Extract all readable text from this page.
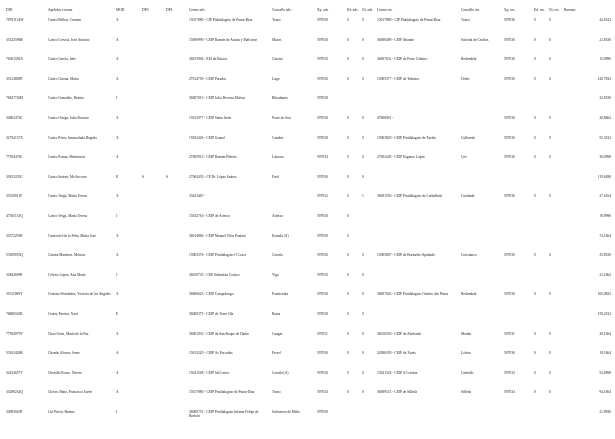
DNI	Apelidos e nome	MOD	DPC	DPL	Centro ads.	Concello ads.	Xp. ads.	Ed. ads.	Ni. ads.	Centro res.	Concello res.	Xp. res.	Ed. res.	Ni. res.	Baremo
78781134W	Castro Bellon, Carmen	A			15017880 - CIP Pintilalagoio de Punta-Diaz	Touro	597030	0	0	15017880 - CIP Pintilalagoio de Punta-Diaz	Touro	597030	0	0	42,0332
33323596R	Castro Crescia, José Antonio	A			15009990 - CEIP Ramón de Artaza y Malvárez	Muros	597030	0	0	36008489 - CEIP Abanite	Salceda de Caselas	597030	0	0	21,8330
76361592A	Castro García, Inés	A			36013904 - EEI de Baiaca	Catoira	597030	0	0	36007631 - CEIP de Porto Cabeiro	Redondela	597030	0	0	15,9996
33314800P	Castro Girona, Marta	A			27014759 - CEIP Paradai	Lugo	597030	0	0	15005377 - CEIP de Tebrairo	Ordes	597030	0	0	120,7832
76827740H	Castro González, Beatriz	J			36007013 - CEIP Julia Becerra Malvar	Ribadumia	597030								22,8330
34863476C	Castro Ortega, Julia Rosario	A			15013977 - CEIP Santa Irene	Porto do Son	597030	0	0	47006961 -		597030	0	0	28,8662
32794137X	Castro Pérez, Inmaculada Begoña	A			15032426 - CEIP Granal	Cambre	597030	0	0	15003829 - CEIP Pintilalagoio de Turiño	Culleredo	597030	0	0	55,3332
77594476C	Castro Pomar, Montserrat	A			27005913 - CEIP Ramón Piñeiro	Láncara	597034	0	0	27002249 - CEIP Eugenio López	Cee	597030	0	0	30,0998
33815235C	Castro Suárez, Ma Socorro	E	S	S	27004435 - CP Dr. López Suárez	Friol	597030	0	0						119,6498
33529011F	Castro Veiga, María Teresa	A			33423467 -		597032	0	1	36001550 - CEIP Pintilalagoio de Carballedo	Cotobade	597030	0	0	27,4164
47365131Q	Castro Veiga, María Teresa	J			15032716 - CEIP de Arteixo	Arteixo	597030	0							19,9996
33372259E	Castroviel de la Peña, María José	A			36014866 - CEIP Manuel Vilar Pontaiá	Estrada (A)	597030	0							74,1664
53309055Q	Cataira Martínez, Mónica	A			15003376 - CEIP Pintilalagoio O Cruce	Coruña	597030	0	0	15003807 - CEIP de Bormeño-Apañado	Coristanco	597030	0	0	25,8330
33842699F	Celeiro López, Ana María	J			36010735 - CEE Sebastián Cortizo	Vigo	597030	0	0						21,1662
35311869Y	Cesteno Fernández, Victoria de los Angeles	A			36006623 - CEIP Campolongo	Pontevedra	597030	0	0	36007643 - CEIP Pintilalagoio Outeiro das Penas	Redondela	597030	0	0	165,0832
76806540E	Cestey Pereira, Xosé	E			36000375 - CEIP de Torre-Ola	Baiza	597030	0	0						159,4332
77594979V	Chao Outsi, María de la Paz	A			36001033 - CEIP da San Roque de Darbo	Cangas	597031	0	0	36016550 - CEIP de Abelondo	Moaña	597031	0	0	30,1664
53162428K	Chendo Alonzo, Irene	A			15013220 - CEIP As Forcadas	Ferrol	597030	0	0	32006339 - CEIP de Xurés	Lobios	597030	0	0	18,1664
32433657T	Chenillo Pouso, Nieves	A			15021548 - CEIP Sal Lence	Coruña (A)	597030	0	0	15021524 - CEIP A Cristina	Carballo	597033	0	0	52,6998
33298234Q	Checos Mato, Francisco Javier	A			15017880 - CEIP Pintilalagoio de Punta-Diaz	Touro	597034	0	0	36009115 - CEIP de Silleda	Silleda	597034	0	0	94,1664
34993920P	Cid Prieto, Beatriz	J			36000751 - CEIP Pintilalagoio Infante Felipe de Borbón	Salvaterra de Miño	597030								21,9830
